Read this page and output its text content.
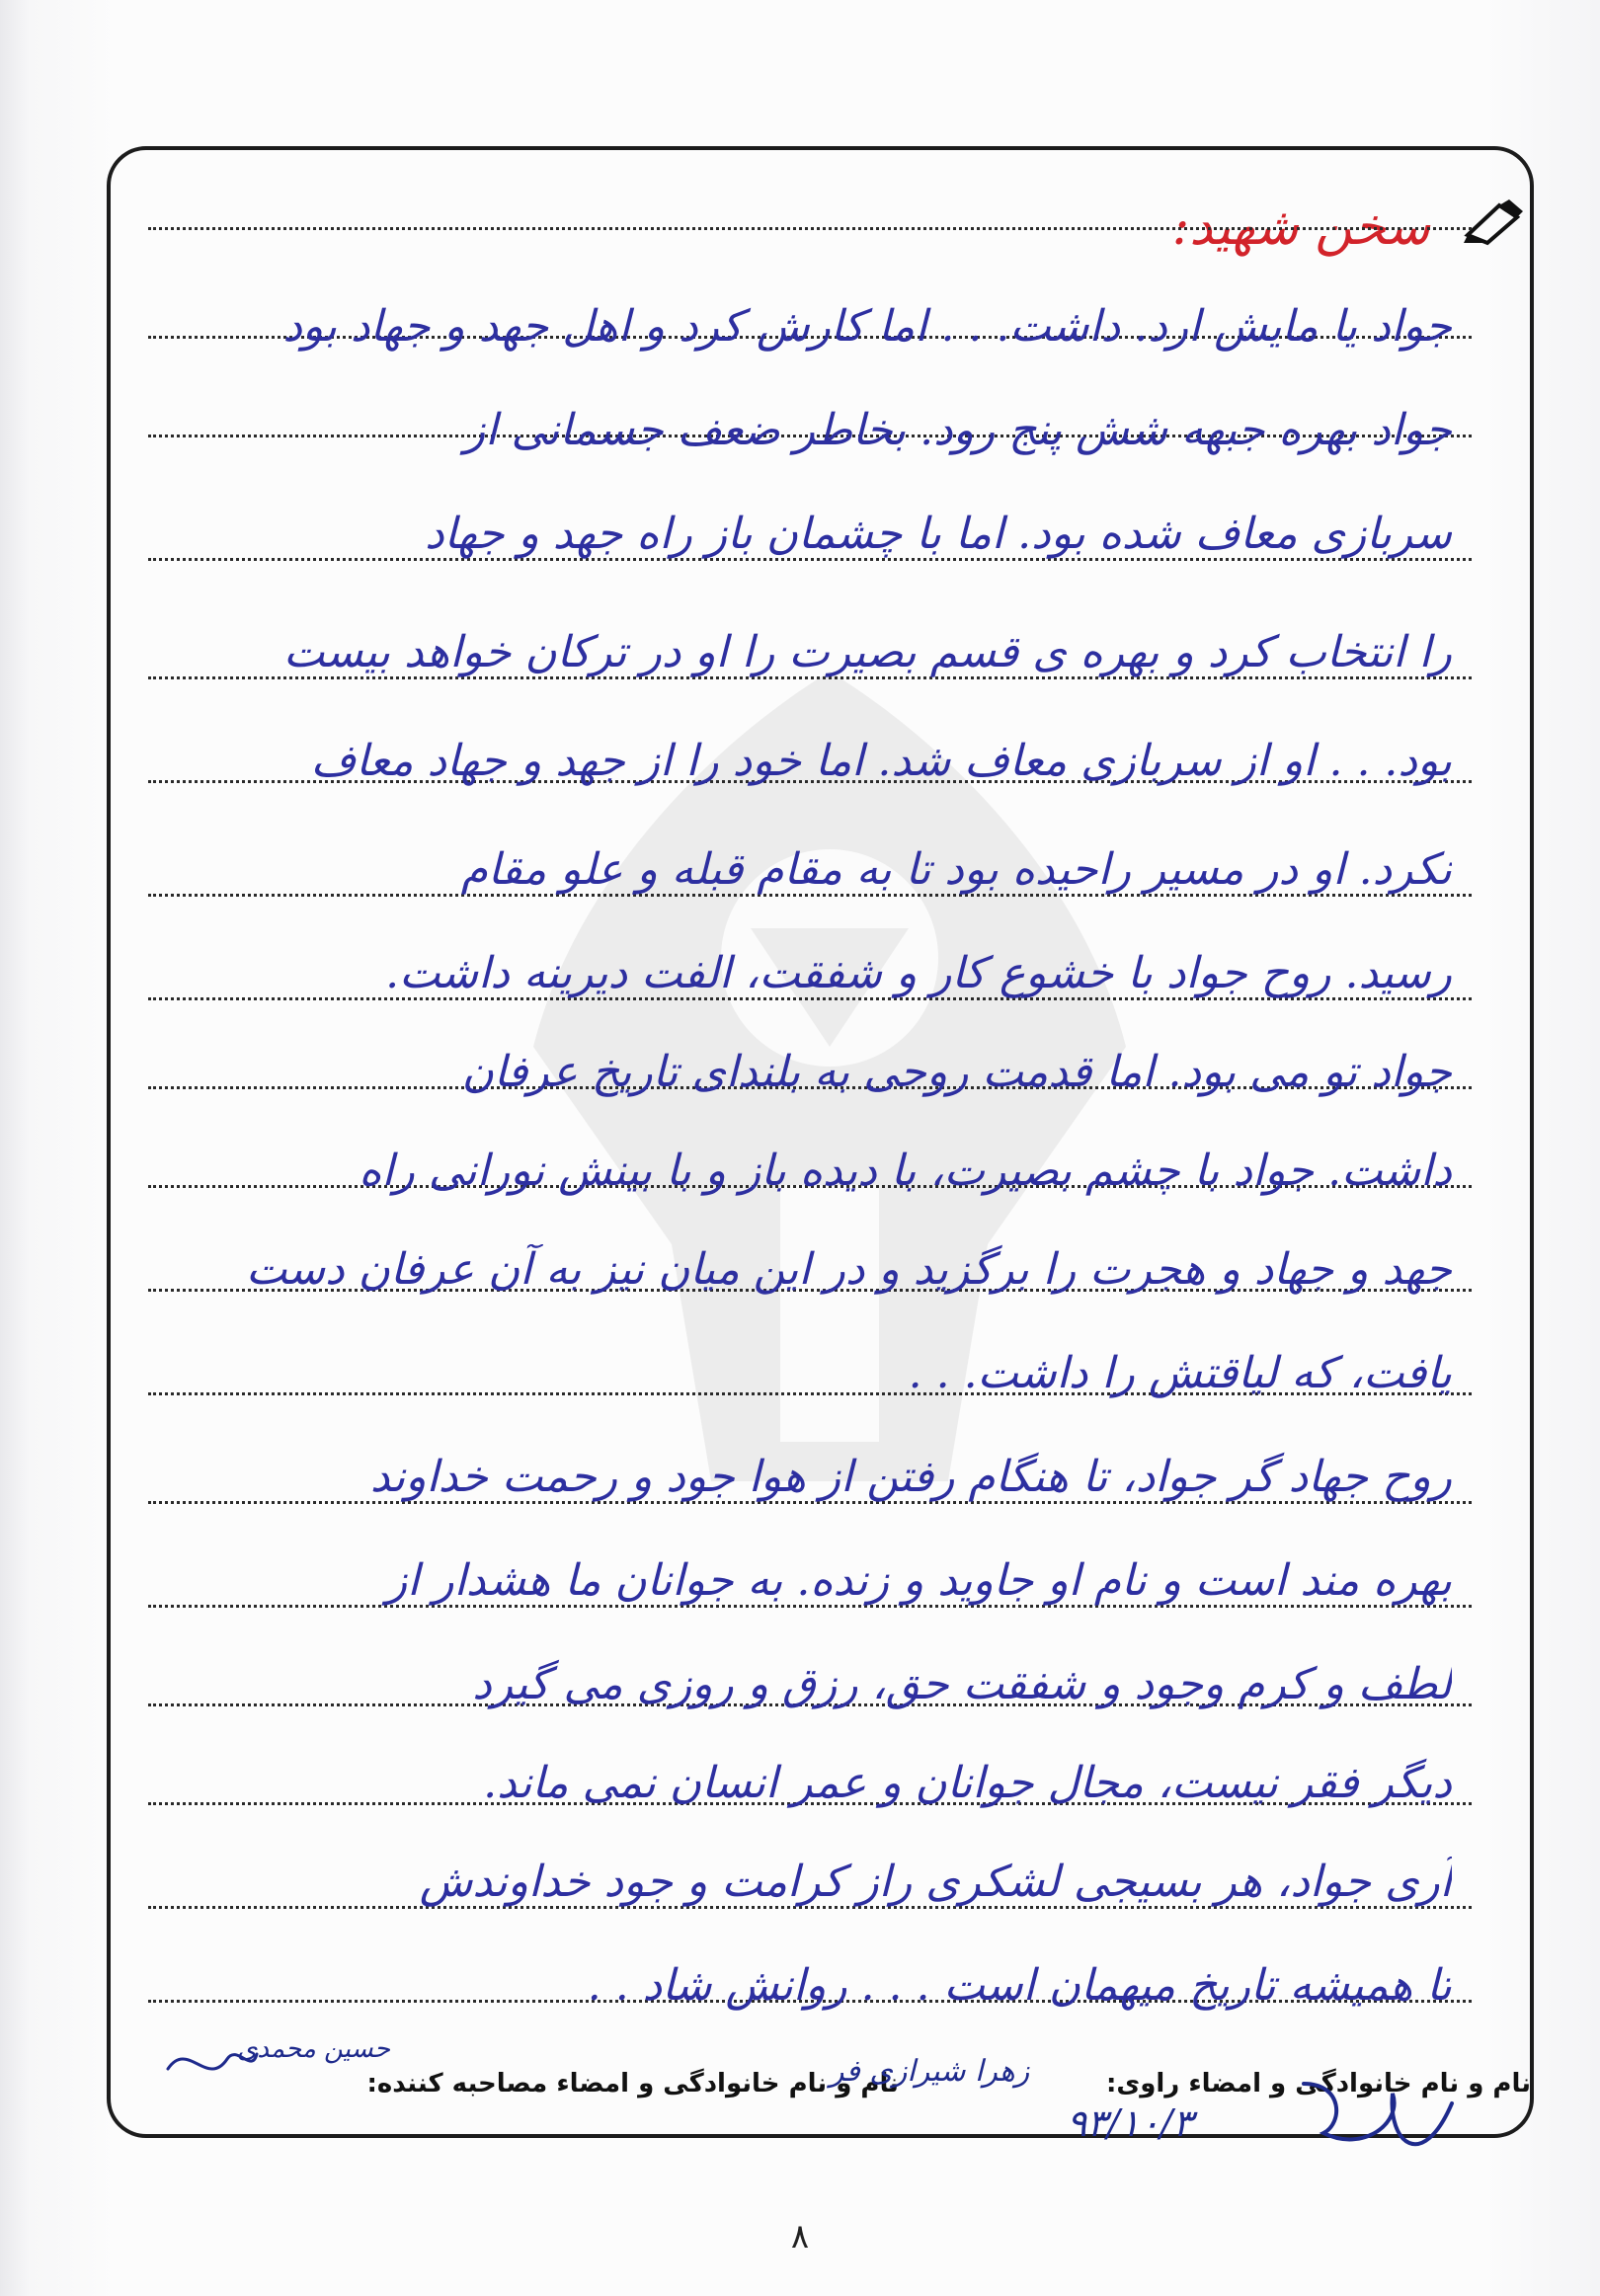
سخن شهید:
جواد یا مایش ارد. داشت. . . اما کارش کرد و اهل جهد و جهاد بود
جواد بهره جبهه شش پنج رود. بخاطر ضعف جسمانی از
سربازی معاف شده بود. اما با چشمان باز راه جهد و جهاد
را انتخاب کرد و بهره ی قسم بصیرت را او در ترکان خواهد بیست
بود. . . او از سربازی معاف شد. اما خود را از جهد و جهاد معاف
نکرد. او در مسیر راحیده بود تا به مقام قبله و علو مقام
رسید. روح جواد با خشوع کار و شفقت، الفت دیرینه داشت.
جواد تو می بود. اما قدمت روحی به بلندای تاریخ عرفان
داشت. جواد با چشم بصیرت، با دیده باز و با بینش نورانی راه
جهد و جهاد و هجرت را برگزید و در این میان نیز به آن عرفان دست
یافت، که لیاقتش را داشت. . .
روح جهاد گر جواد، تا هنگام رفتن از هوا جود و رحمت خداوند
بهره مند است و نام او جاوید و زنده. به جوانان ما هشدار از
لطف و کرم وجود و شفقت حق، رزق و روزی می گیرد
دیگر فقر نیست، مجال جوانان و عمر انسان نمی ماند.
آری جواد، هر بسیجی لشکری راز کرامت و جود خداوندش
تا همیشه تاریخ میهمان است . . . روانش شاد . .
نام و نام خانوادگی و امضاء راوی:
نام و نام خانوادگی و امضاء مصاحبه کننده:
حسین محمدی
زهرا شیرازی فر
۹۳/۱۰/۳
۸
